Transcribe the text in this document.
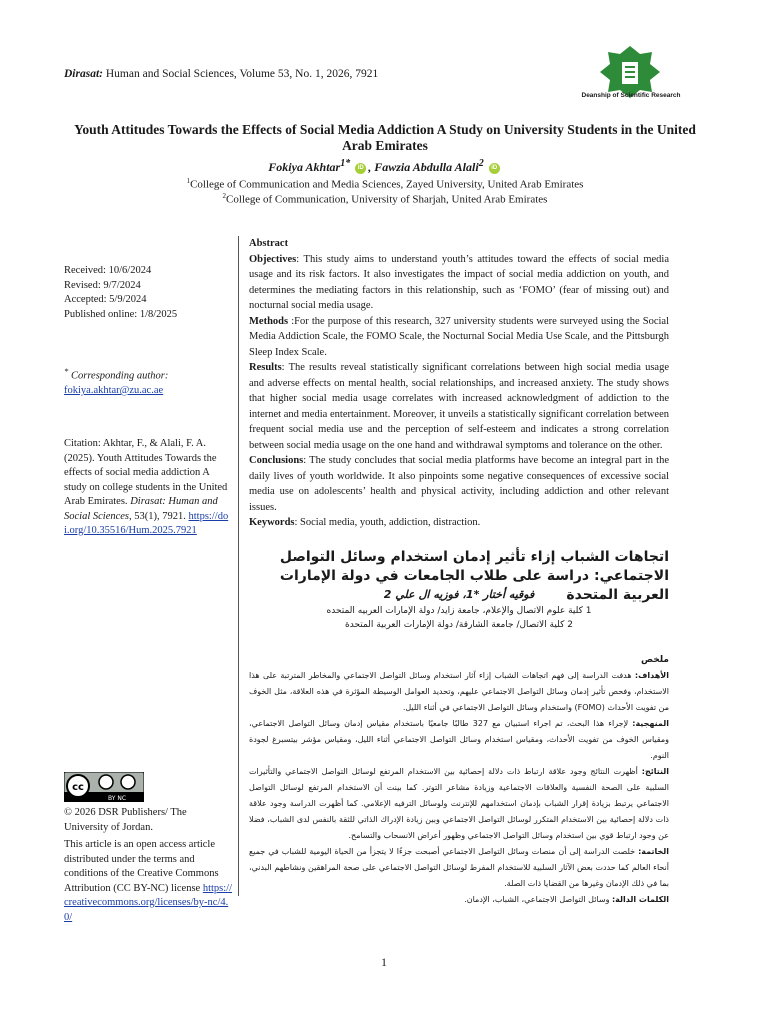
Dirasat: Human and Social Sciences, Volume 53, No. 1, 2026, 7921
Deanship of Scientific Research
Youth Attitudes Towards the Effects of Social Media Addiction A Study on University Students in the United Arab Emirates
Fokiya Akhtar$^{1*}$ iD , Fawzia Abdulla Alali$^2$ iD
$^1$College of Communication and Media Sciences, Zayed University, United Arab Emirates
$^2$College of Communication, University of Sharjah, United Arab Emirates
Received: 10/6/2024
Revised: 9/7/2024
Accepted: 5/9/2024
Published online: 1/8/2025
* Corresponding author:
fokiya.akhtar@zu.ac.ae
Citation: Akhtar, F., & Alali, F. A. (2025). Youth Attitudes Towards the effects of social media addiction A study on college students in the United Arab Emirates. Dirasat: Human and Social Sciences, 53(1), 7921. https://doi.org/10.35516/Hum.2025.7921
cc
BY NC
© 2026 DSR Publishers/ The University of Jordan.
This article is an open access article distributed under the terms and conditions of the Creative Commons Attribution (CC BY-NC) license https://creativecommons.org/licenses/by-nc/4.0/

Abstract

Objectives: This study aims to understand youth’s attitudes toward the effects of social media usage and its risk factors. It also investigates the impact of social media addiction on youth, and determines the mediating factors in this relationship, such as ‘FOMO’ (fear of missing out) and nocturnal social media usage.

Methods :For the purpose of this research, 327 university students were surveyed using the Social Media Addiction Scale, the FOMO Scale, the Nocturnal Social Media Use Scale, and the Pittsburgh Sleep Index Scale.

Results: The results reveal statistically significant correlations between high social media usage and adverse effects on mental health, social relationships, and increased anxiety. The study shows that higher social media usage correlates with increased acknowledgment of addiction to the internet and media entertainment. Moreover, it unveils a statistically significant correlation between frequent social media use and the perception of self-esteem and indicates a strong correlation between social media usage on the one hand and withdrawal symptoms and tolerance on the other.

Conclusions: The study concludes that social media platforms have become an integral part in the daily lives of youth worldwide. It also pinpoints some negative consequences of excessive social media use on adolescents’ health and physical activity, including addiction and other relevant issues.

Keywords: Social media, youth, addiction, distraction.

اتجاهات الشباب إزاء تأثير إدمان استخدام وسائل التواصل الاجتماعي: دراسة على طلاب الجامعات في دولة الإمارات العربية المتحدة
فوقيه أختار *1، فوزيه ال علي 2
1 كلية علوم الاتصال والإعلام، جامعة زايد/ دولة الإمارات العربيه المتحده
2 كلية الاتصال/ جامعة الشارقة/ دولة الإمارات العربية المتحدة

ملخص

الأهداف: هدفت الدراسة إلى فهم اتجاهات الشباب إزاء آثار استخدام وسائل التواصل الاجتماعي والمخاطر المترتبة على هذا الاستخدام، وفحص تأثير إدمان وسائل التواصل الاجتماعي عليهم، وتحديد العوامل الوسيطة المؤثرة في هذه العلاقة، مثل الخوف من تفويت الأحداث (FOMO) واستخدام وسائل التواصل الاجتماعي في أثناء الليل.

المنهجية: لإجراء هذا البحث، تم اجراء استبيان مع 327 طالبًا جامعيًا باستخدام مقياس إدمان وسائل التواصل الاجتماعي، ومقياس الخوف من تفويت الأحداث، ومقياس استخدام وسائل التواصل الاجتماعي أثناء الليل، ومقياس مؤشر بيتسبرغ لجودة النوم.

النتائج: أظهرت النتائج وجود علاقة ارتباط ذات دلالة إحصائية بين الاستخدام المرتفع لوسائل التواصل الاجتماعي والتأثيرات السلبية على الصحة النفسية والعلاقات الاجتماعية وزيادة مشاعر التوتر. كما بينت أن الاستخدام المرتفع لوسائل التواصل الاجتماعي يرتبط بزيادة إقرار الشباب بإدمان استخدامهم للإنترنت ولوسائل الترفيه الإعلامي. كما أظهرت الدراسة وجود علاقة ذات دلالة إحصائية بين الاستخدام المتكرر لوسائل التواصل الاجتماعي وبين زيادة الإدراك الذاتي للثقة بالنفس لدى الشباب، فضلا عن وجود ارتباط قوي بين استخدام وسائل التواصل الاجتماعي وظهور أعراض الانسحاب والتسامح.

الخاتمة: خلصت الدراسة إلى أن منصات وسائل التواصل الاجتماعي أصبحت جزءًا لا يتجزأ من الحياة اليومية للشباب في جميع أنحاء العالم كما حددت بعض الآثار السلبية للاستخدام المفرط لوسائل التواصل الاجتماعي على صحة المراهقين ونشاطهم البدني، بما في ذلك الإدمان وغيرها من القضايا ذات الصلة.

الكلمات الدالة: وسائل التواصل الاجتماعي، الشباب، الإدمان.

1
